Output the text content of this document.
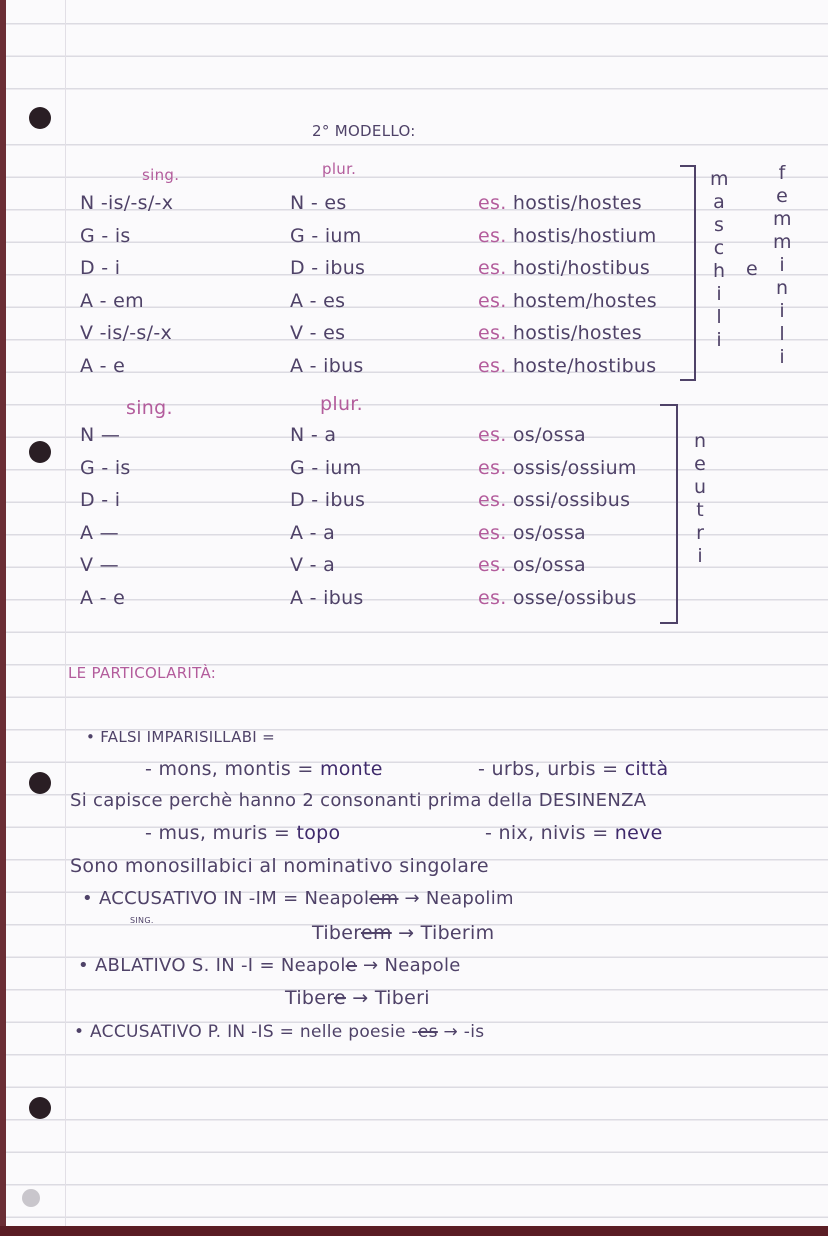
2° MODELLO:
sing.	plur.
N -is/-s/-x	N - es	es. hostis/hostes
G - is	G - ium	es. hostis/hostium
D - i	D - ibus	es. hosti/hostibus
A - em	A - es	es. hostem/hostes
V -is/-s/-x	V - es	es. hostis/hostes
A - e	A - ibus	es. hoste/hostibus
m
a
s
c
h
i
l
i
e
f
e
m
m
i
n
i
l
i
sing.	plur.
N —	N - a	es. os/ossa
G - is	G - ium	es. ossis/ossium
D - i	D - ibus	es. ossi/ossibus
A —	A - a	es. os/ossa
V —	V - a	es. os/ossa
A - e	A - ibus	es. osse/ossibus
n
e
u
t
r
i
LE PARTICOLARITÀ:
• FALSI IMPARISILLABI =
- mons, montis = monte	- urbs, urbis = città
Si capisce perchè hanno 2 consonanti prima della DESINENZA
- mus, muris = topo	- nix, nivis = neve
Sono monosillabici al nominativo singolare
• ACCUSATIVO IN -IM = Neapolem → Neapolim
SING.
Tiberem → Tiberim
• ABLATIVO S. IN -I = Neapole → Neapole
Tibere → Tiberi
• ACCUSATIVO P. IN -IS = nelle poesie -es → -is
